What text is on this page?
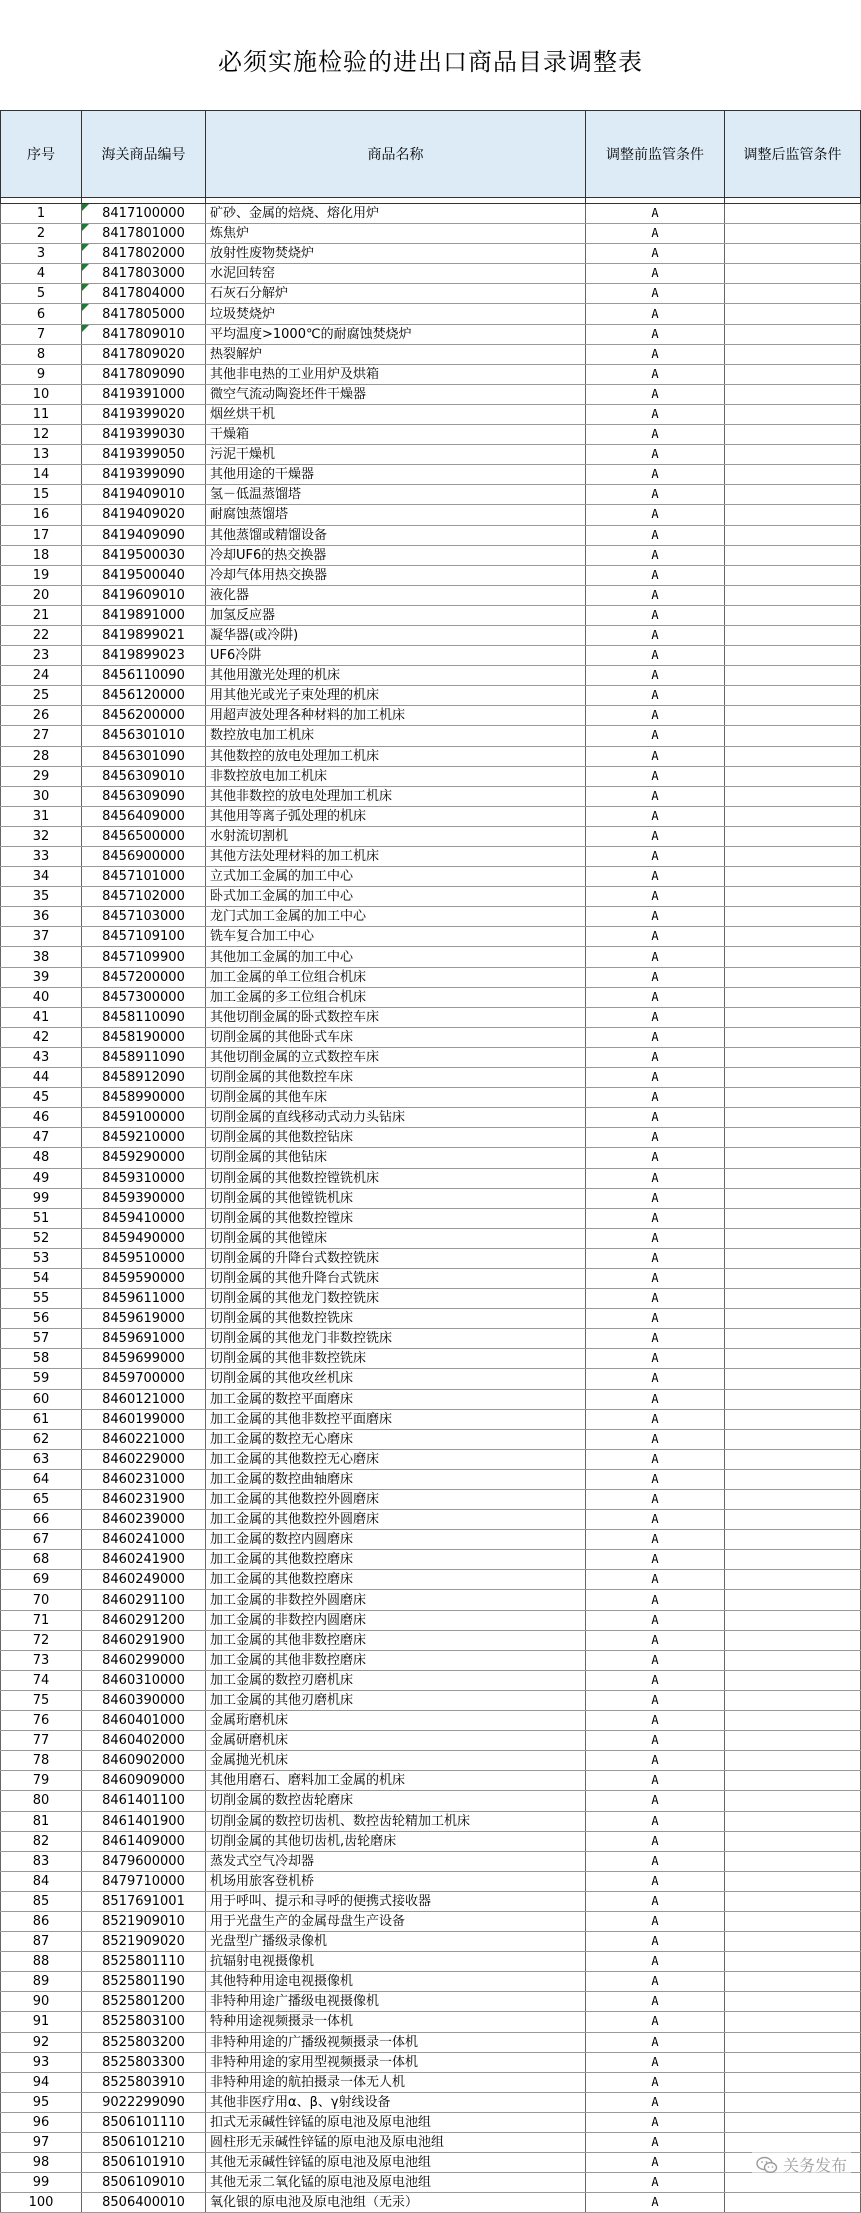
必须实施检验的进出口商品目录调整表
序号	海关商品编号	商品名称	调整前监管条件	调整后监管条件

1	8417100000	矿砂、金属的焙烧、熔化用炉	A	
2	8417801000	炼焦炉	A	
3	8417802000	放射性废物焚烧炉	A	
4	8417803000	水泥回转窑	A	
5	8417804000	石灰石分解炉	A	
6	8417805000	垃圾焚烧炉	A	
7	8417809010	平均温度>1000℃的耐腐蚀焚烧炉	A	
8	8417809020	热裂解炉	A	
9	8417809090	其他非电热的工业用炉及烘箱	A	
10	8419391000	微空气流动陶瓷坯件干燥器	A	
11	8419399020	烟丝烘干机	A	
12	8419399030	干燥箱	A	
13	8419399050	污泥干燥机	A	
14	8419399090	其他用途的干燥器	A	
15	8419409010	氢－低温蒸馏塔	A	
16	8419409020	耐腐蚀蒸馏塔	A	
17	8419409090	其他蒸馏或精馏设备	A	
18	8419500030	冷却UF6的热交换器	A	
19	8419500040	冷却气体用热交换器	A	
20	8419609010	液化器	A	
21	8419891000	加氢反应器	A	
22	8419899021	凝华器(或冷阱)	A	
23	8419899023	UF6冷阱	A	
24	8456110090	其他用激光处理的机床	A	
25	8456120000	用其他光或光子束处理的机床	A	
26	8456200000	用超声波处理各种材料的加工机床	A	
27	8456301010	数控放电加工机床	A	
28	8456301090	其他数控的放电处理加工机床	A	
29	8456309010	非数控放电加工机床	A	
30	8456309090	其他非数控的放电处理加工机床	A	
31	8456409000	其他用等离子弧处理的机床	A	
32	8456500000	水射流切割机	A	
33	8456900000	其他方法处理材料的加工机床	A	
34	8457101000	立式加工金属的加工中心	A	
35	8457102000	卧式加工金属的加工中心	A	
36	8457103000	龙门式加工金属的加工中心	A	
37	8457109100	铣车复合加工中心	A	
38	8457109900	其他加工金属的加工中心	A	
39	8457200000	加工金属的单工位组合机床	A	
40	8457300000	加工金属的多工位组合机床	A	
41	8458110090	其他切削金属的卧式数控车床	A	
42	8458190000	切削金属的其他卧式车床	A	
43	8458911090	其他切削金属的立式数控车床	A	
44	8458912090	切削金属的其他数控车床	A	
45	8458990000	切削金属的其他车床	A	
46	8459100000	切削金属的直线移动式动力头钻床	A	
47	8459210000	切削金属的其他数控钻床	A	
48	8459290000	切削金属的其他钻床	A	
49	8459310000	切削金属的其他数控镗铣机床	A	
99	8459390000	切削金属的其他镗铣机床	A	
51	8459410000	切削金属的其他数控镗床	A	
52	8459490000	切削金属的其他镗床	A	
53	8459510000	切削金属的升降台式数控铣床	A	
54	8459590000	切削金属的其他升降台式铣床	A	
55	8459611000	切削金属的其他龙门数控铣床	A	
56	8459619000	切削金属的其他数控铣床	A	
57	8459691000	切削金属的其他龙门非数控铣床	A	
58	8459699000	切削金属的其他非数控铣床	A	
59	8459700000	切削金属的其他攻丝机床	A	
60	8460121000	加工金属的数控平面磨床	A	
61	8460199000	加工金属的其他非数控平面磨床	A	
62	8460221000	加工金属的数控无心磨床	A	
63	8460229000	加工金属的其他数控无心磨床	A	
64	8460231000	加工金属的数控曲轴磨床	A	
65	8460231900	加工金属的其他数控外圆磨床	A	
66	8460239000	加工金属的其他数控外圆磨床	A	
67	8460241000	加工金属的数控内圆磨床	A	
68	8460241900	加工金属的其他数控磨床	A	
69	8460249000	加工金属的其他数控磨床	A	
70	8460291100	加工金属的非数控外圆磨床	A	
71	8460291200	加工金属的非数控内圆磨床	A	
72	8460291900	加工金属的其他非数控磨床	A	
73	8460299000	加工金属的其他非数控磨床	A	
74	8460310000	加工金属的数控刃磨机床	A	
75	8460390000	加工金属的其他刃磨机床	A	
76	8460401000	金属珩磨机床	A	
77	8460402000	金属研磨机床	A	
78	8460902000	金属抛光机床	A	
79	8460909000	其他用磨石、磨料加工金属的机床	A	
80	8461401100	切削金属的数控齿轮磨床	A	
81	8461401900	切削金属的数控切齿机、数控齿轮精加工机床	A	
82	8461409000	切削金属的其他切齿机,齿轮磨床	A	
83	8479600000	蒸发式空气冷却器	A	
84	8479710000	机场用旅客登机桥	A	
85	8517691001	用于呼叫、提示和寻呼的便携式接收器	A	
86	8521909010	用于光盘生产的金属母盘生产设备	A	
87	8521909020	光盘型广播级录像机	A	
88	8525801110	抗辐射电视摄像机	A	
89	8525801190	其他特种用途电视摄像机	A	
90	8525801200	非特种用途广播级电视摄像机	A	
91	8525803100	特种用途视频摄录一体机	A	
92	8525803200	非特种用途的广播级视频摄录一体机	A	
93	8525803300	非特种用途的家用型视频摄录一体机	A	
94	8525803910	非特种用途的航拍摄录一体无人机	A	
95	9022299090	其他非医疗用α、β、γ射线设备	A	
96	8506101110	扣式无汞碱性锌锰的原电池及原电池组	A	
97	8506101210	圆柱形无汞碱性锌锰的原电池及原电池组	A	
98	8506101910	其他无汞碱性锌锰的原电池及原电池组	A	
99	8506109010	其他无汞二氧化锰的原电池及原电池组	A	
100	8506400010	氧化银的原电池及原电池组（无汞）	A	
关务发布
